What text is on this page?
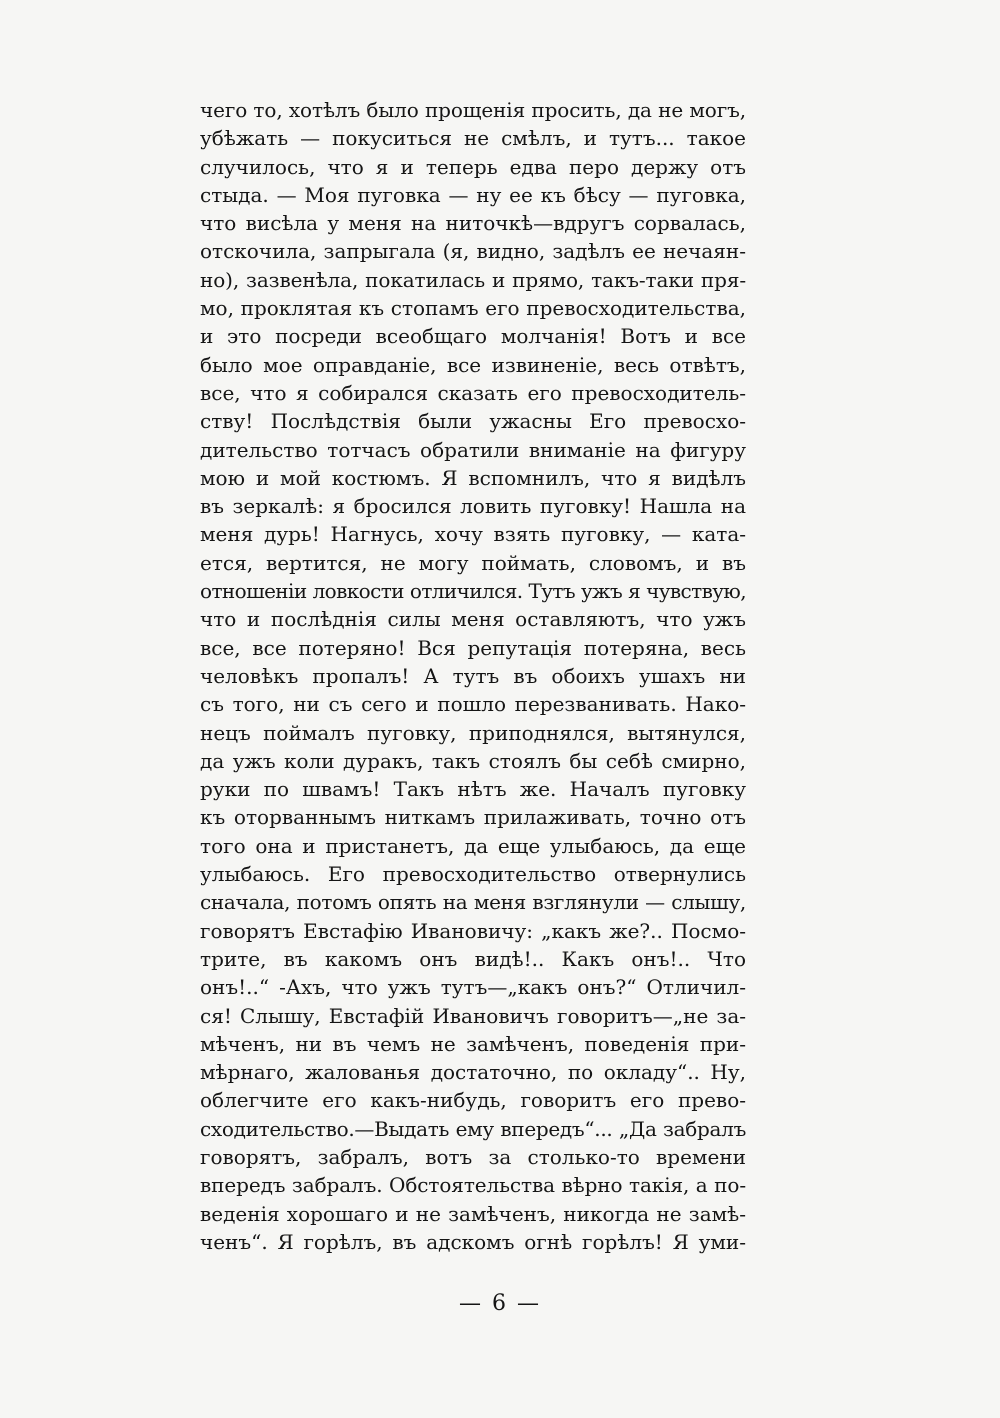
чего то, хотѣлъ было прощенія просить, да не могъ,
убѣжать — покуситься не смѣлъ, и тутъ... такое
случилось, что я и теперь едва перо держу отъ
стыда. — Моя пуговка — ну ее къ бѣсу — пуговка,
что висѣла у меня на ниточкѣ—вдругъ сорвалась,
отскочила, запрыгала (я, видно, задѣлъ ее нечаян-
но), зазвенѣла, покатилась и прямо, такъ-таки пря-
мо, проклятая къ стопамъ его превосходительства,
и это посреди всеобщаго молчанія! Вотъ и все
было мое оправданіе, все извиненіе, весь отвѣтъ,
все, что я собирался сказать его превосходитель-
ству! Послѣдствія были ужасны Его превосхо-
дительство тотчасъ обратили вниманіе на фигуру
мою и мой костюмъ. Я вспомнилъ, что я видѣлъ
въ зеркалѣ: я бросился ловить пуговку! Нашла на
меня дурь! Нагнусь, хочу взять пуговку, — ката-
ется, вертится, не могу поймать, словомъ, и въ
отношеніи ловкости отличился. Тутъ ужъ я чувствую,
что и послѣднія силы меня оставляютъ, что ужъ
все, все потеряно! Вся репутація потеряна, весь
человѣкъ пропалъ! А тутъ въ обоихъ ушахъ ни
съ того, ни съ сего и пошло перезванивать. Нако-
нецъ поймалъ пуговку, приподнялся, вытянулся,
да ужъ коли дуракъ, такъ стоялъ бы себѣ смирно,
руки по швамъ! Такъ нѣтъ же. Началъ пуговку
къ оторваннымъ ниткамъ прилаживать, точно отъ
того она и пристанетъ, да еще улыбаюсь, да еще
улыбаюсь. Его превосходительство отвернулись
сначала, потомъ опять на меня взглянули — слышу,
говорятъ Евстафію Ивановичу: „какъ же?.. Посмо-
трите, въ какомъ онъ видѣ!.. Какъ онъ!.. Что
онъ!..“ -Ахъ, что ужъ тутъ—„какъ онъ?“ Отличил-
ся! Слышу, Евстафій Ивановичъ говоритъ—„не за-
мѣченъ, ни въ чемъ не замѣченъ, поведенія при-
мѣрнаго, жалованья достаточно, по окладу“.. Ну,
облегчите его какъ-нибудь, говоритъ его прево-
сходительство.—Выдать ему впередъ“... „Да забралъ
говорятъ, забралъ, вотъ за столько-то времени
впередъ забралъ. Обстоятельства вѣрно такія, а по-
веденія хорошаго и не замѣченъ, никогда не замѣ-
ченъ“. Я горѣлъ, въ адскомъ огнѣ горѣлъ! Я уми-
— 6 —
